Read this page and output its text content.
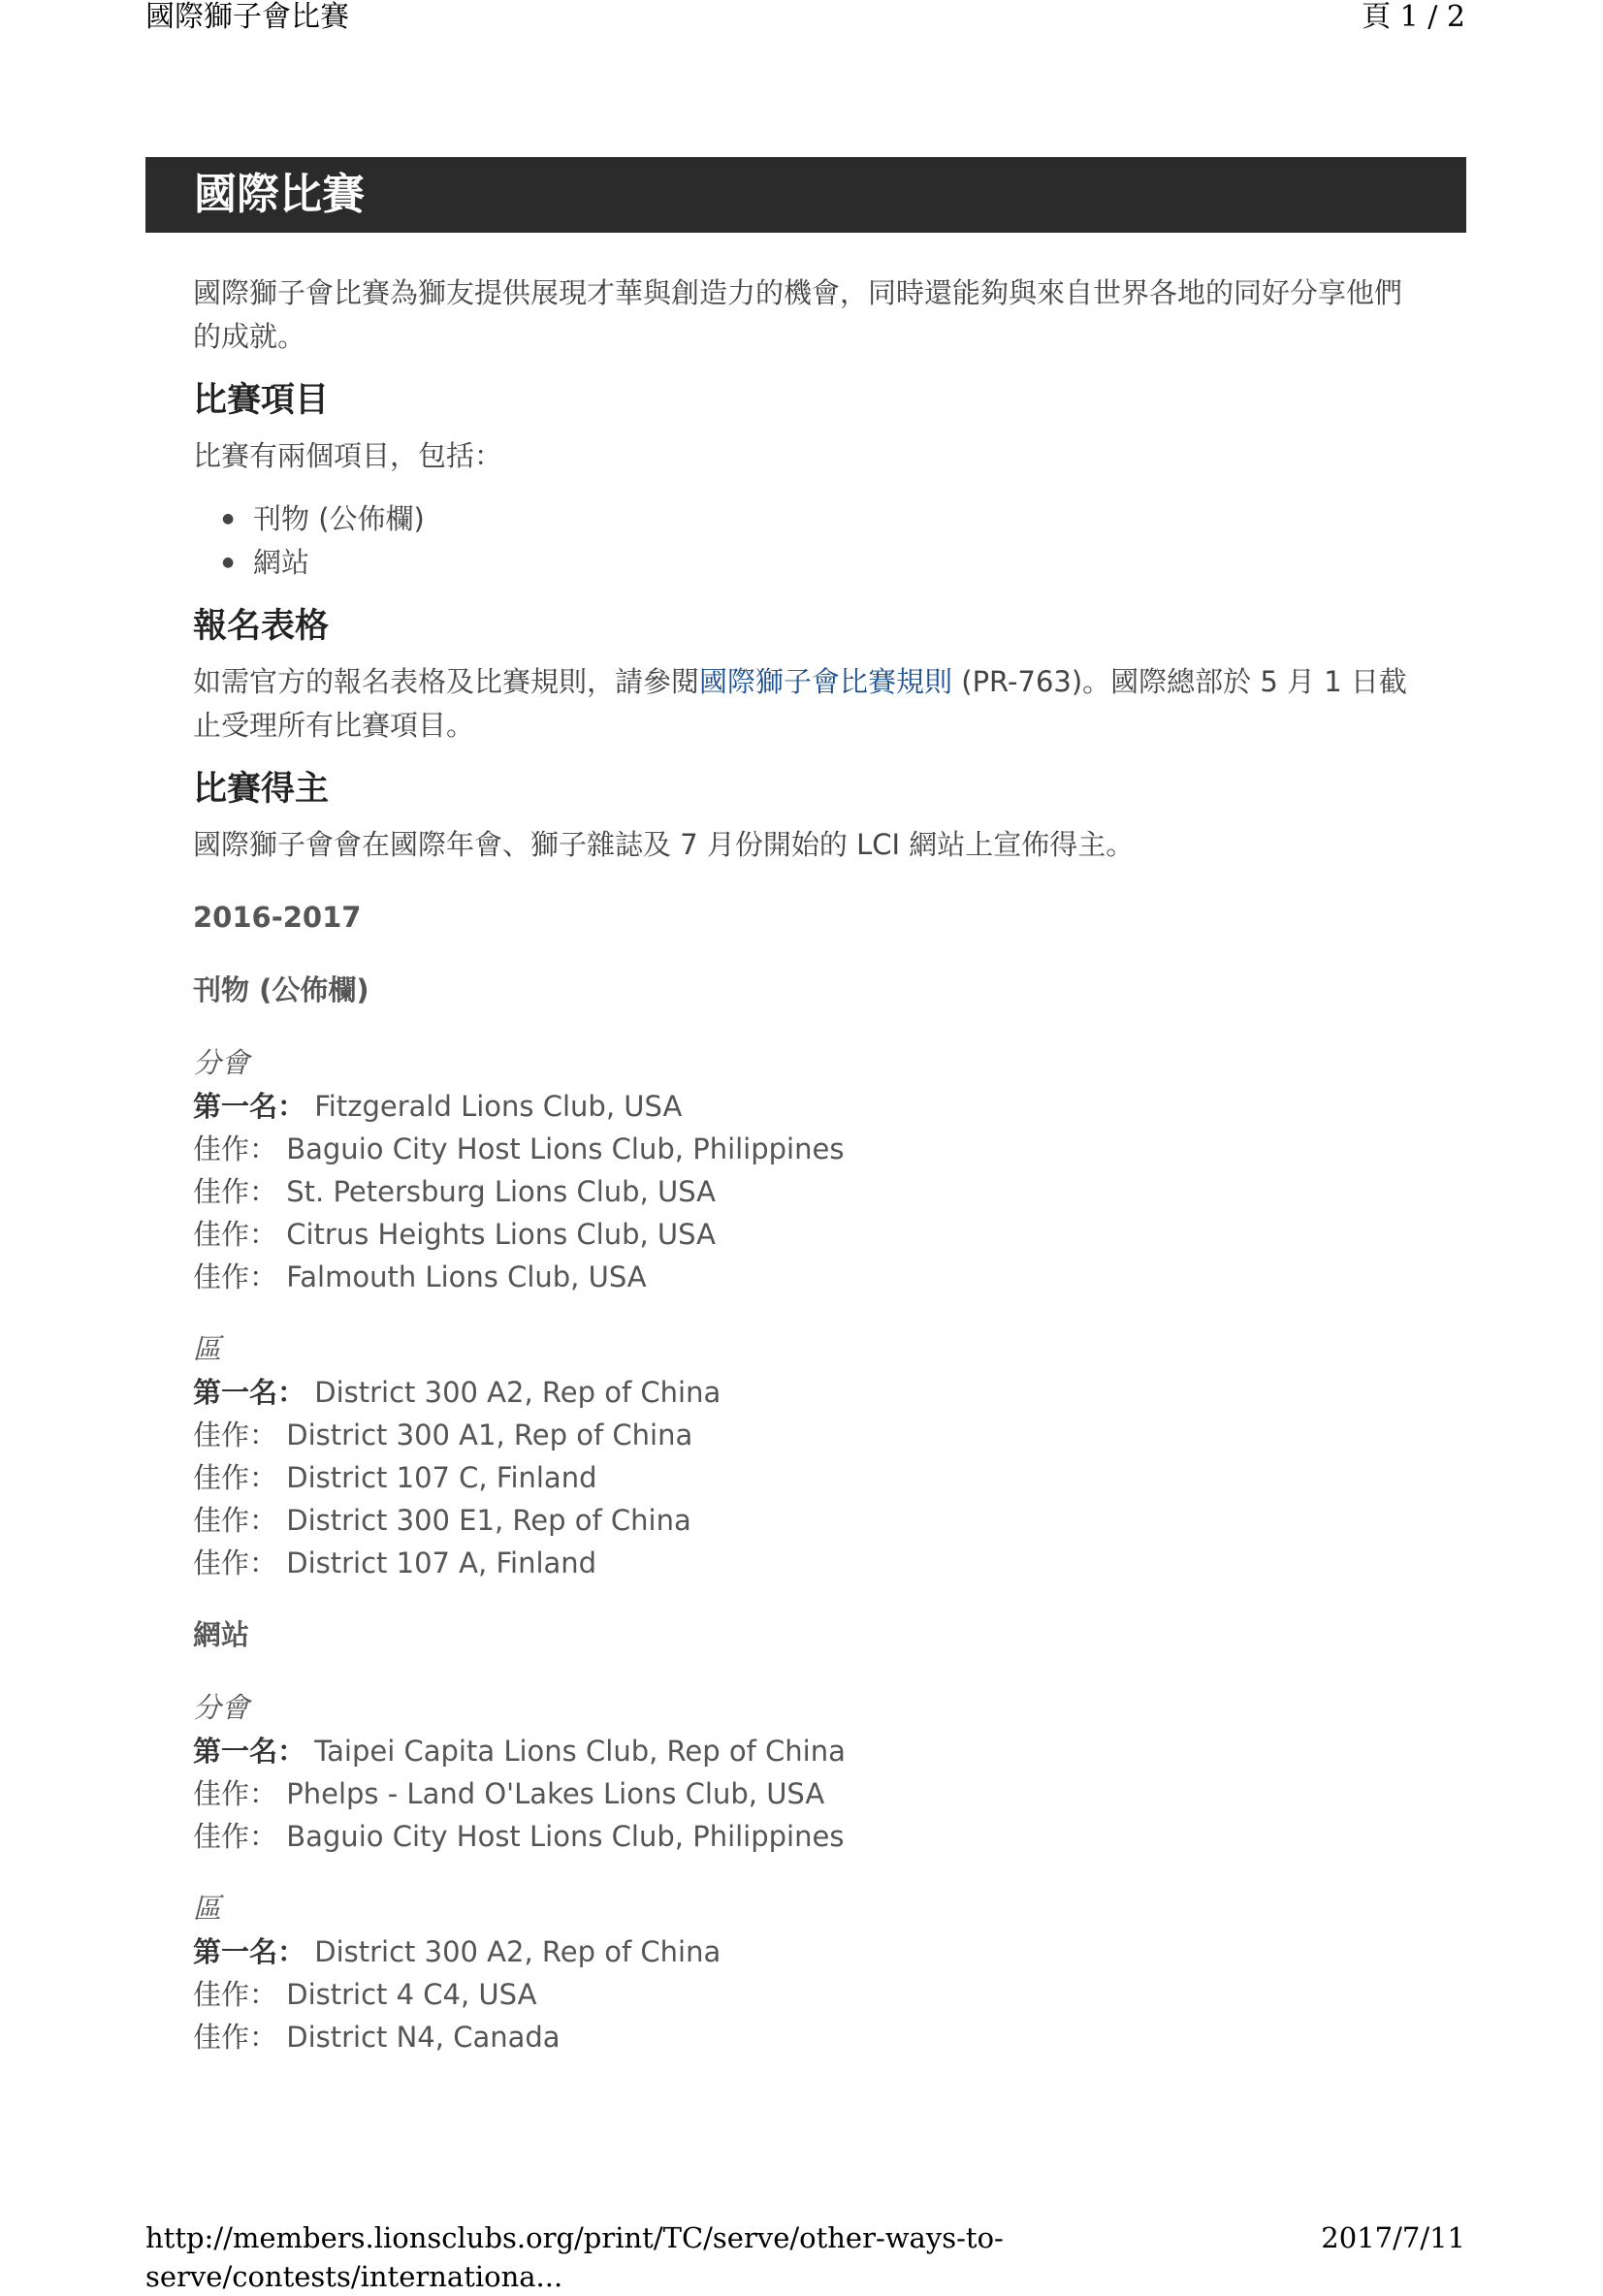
國際獅子會比賽	頁 1 / 2
國際比賽

國際獅子會比賽為獅友提供展現才華與創造力的機會，同時還能夠與來自世界各地的同好分享他們的成就。

比賽項目

比賽有兩個項目，包括：

● 刊物 (公佈欄)
● 網站
報名表格

如需官方的報名表格及比賽規則，請參閱國際獅子會比賽規則 (PR-763)。國際總部於 5 月 1 日截止受理所有比賽項目。

比賽得主

國際獅子會會在國際年會、獅子雜誌及 7 月份開始的 LCI 網站上宣佈得主。

2016-2017
刊物 (公佈欄)
分會
第一名： Fitzgerald Lions Club, USA
佳作： Baguio City Host Lions Club, Philippines
佳作： St. Petersburg Lions Club, USA
佳作： Citrus Heights Lions Club, USA
佳作： Falmouth Lions Club, USA
區
第一名： District 300 A2, Rep of China
佳作： District 300 A1, Rep of China
佳作： District 107 C, Finland
佳作： District 300 E1, Rep of China
佳作： District 107 A, Finland
網站
分會
第一名： Taipei Capita Lions Club, Rep of China
佳作： Phelps - Land O'Lakes Lions Club, USA
佳作： Baguio City Host Lions Club, Philippines
區
第一名： District 300 A2, Rep of China
佳作： District 4 C4, USA
佳作： District N4, Canada
http://members.lionsclubs.org/print/TC/serve/other-ways-to-serve/contests/internationa...
2017/7/11
